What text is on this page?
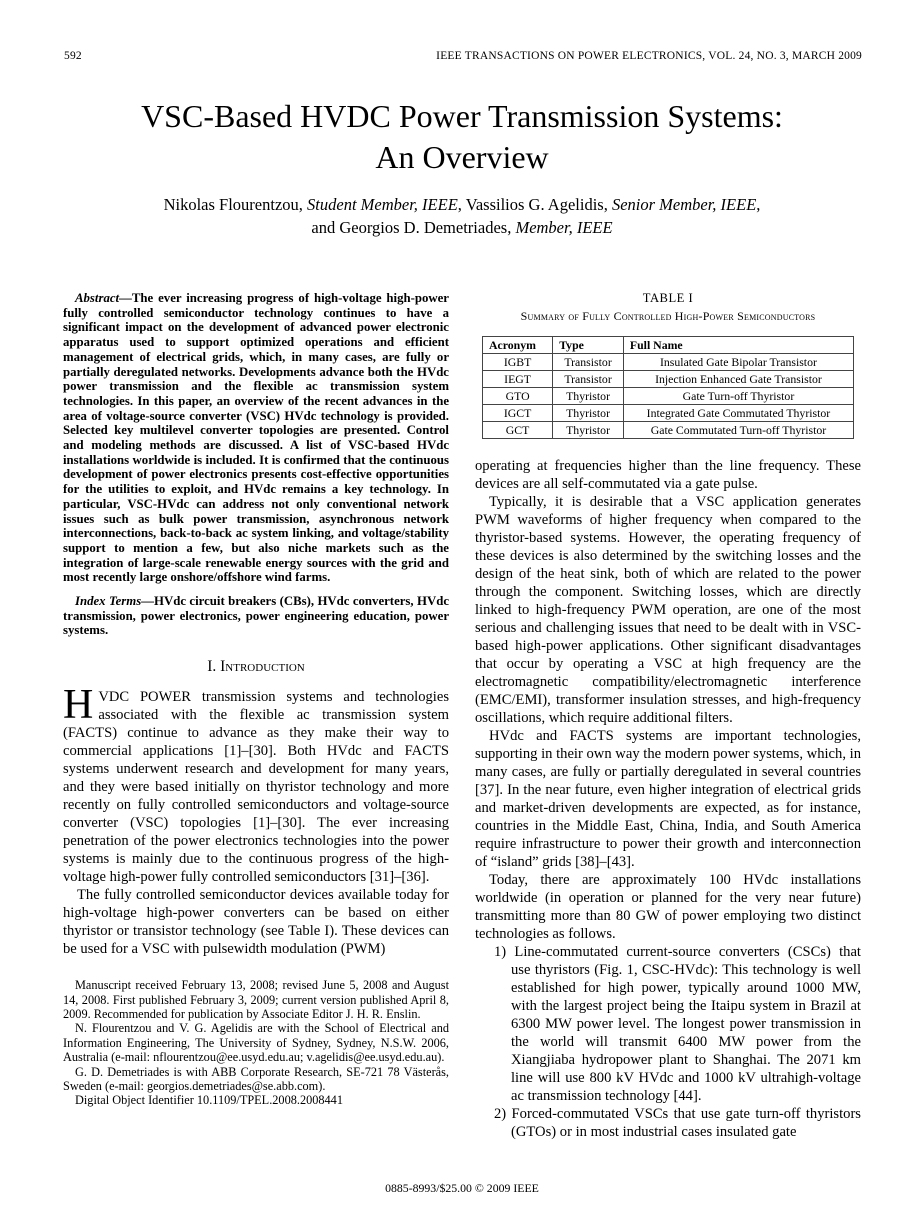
592	IEEE TRANSACTIONS ON POWER ELECTRONICS, VOL. 24, NO. 3, MARCH 2009
VSC-Based HVDC Power Transmission Systems:
An Overview
Nikolas Flourentzou, Student Member, IEEE, Vassilios G. Agelidis, Senior Member, IEEE,
and Georgios D. Demetriades, Member, IEEE

Abstract—The ever increasing progress of high-voltage high-power fully controlled semiconductor technology continues to have a significant impact on the development of advanced power electronic apparatus used to support optimized operations and efficient management of electrical grids, which, in many cases, are fully or partially deregulated networks. Developments advance both the HVdc power transmission and the flexible ac transmission system technologies. In this paper, an overview of the recent advances in the area of voltage-source converter (VSC) HVdc technology is provided. Selected key multilevel converter topologies are presented. Control and modeling methods are discussed. A list of VSC-based HVdc installations worldwide is included. It is confirmed that the continuous development of power electronics presents cost-effective opportunities for the utilities to exploit, and HVdc remains a key technology. In particular, VSC-HVdc can address not only conventional network issues such as bulk power transmission, asynchronous network interconnections, back-to-back ac system linking, and voltage/stability support to mention a few, but also niche markets such as the integration of large-scale renewable energy sources with the grid and most recently large onshore/offshore wind farms.

Index Terms—HVdc circuit breakers (CBs), HVdc converters, HVdc transmission, power electronics, power engineering education, power systems.

I. Introduction

HVDC POWER transmission systems and technologies associated with the flexible ac transmission system (FACTS) continue to advance as they make their way to commercial applications [1]–[30]. Both HVdc and FACTS systems underwent research and development for many years, and they were based initially on thyristor technology and more recently on fully controlled semiconductors and voltage-source converter (VSC) topologies [1]–[30]. The ever increasing penetration of the power electronics technologies into the power systems is mainly due to the continuous progress of the high-voltage high-power fully controlled semiconductors [31]–[36].

The fully controlled semiconductor devices available today for high-voltage high-power converters can be based on either thyristor or transistor technology (see Table I). These devices can be used for a VSC with pulsewidth modulation (PWM)

Manuscript received February 13, 2008; revised June 5, 2008 and August 14, 2008. First published February 3, 2009; current version published April 8, 2009. Recommended for publication by Associate Editor J. H. R. Enslin.

N. Flourentzou and V. G. Agelidis are with the School of Electrical and Information Engineering, The University of Sydney, Sydney, N.S.W. 2006, Australia (e-mail: nflourentzou@ee.usyd.edu.au; v.agelidis@ee.usyd.edu.au).

G. D. Demetriades is with ABB Corporate Research, SE-721 78 Västerås, Sweden (e-mail: georgios.demetriades@se.abb.com).

Digital Object Identifier 10.1109/TPEL.2008.2008441

TABLE I
Summary of Fully Controlled High-Power Semiconductors
Acronym	Type	Full Name
IGBT	Transistor	Insulated Gate Bipolar Transistor
IEGT	Transistor	Injection Enhanced Gate Transistor
GTO	Thyristor	Gate Turn-off Thyristor
IGCT	Thyristor	Integrated Gate Commutated Thyristor
GCT	Thyristor	Gate Commutated Turn-off Thyristor

operating at frequencies higher than the line frequency. These devices are all self-commutated via a gate pulse.

Typically, it is desirable that a VSC application generates PWM waveforms of higher frequency when compared to the thyristor-based systems. However, the operating frequency of these devices is also determined by the switching losses and the design of the heat sink, both of which are related to the power through the component. Switching losses, which are directly linked to high-frequency PWM operation, are one of the most serious and challenging issues that need to be dealt with in VSC-based high-power applications. Other significant disadvantages that occur by operating a VSC at high frequency are the electromagnetic compatibility/electromagnetic interference (EMC/EMI), transformer insulation stresses, and high-frequency oscillations, which require additional filters.

HVdc and FACTS systems are important technologies, supporting in their own way the modern power systems, which, in many cases, are fully or partially deregulated in several countries [37]. In the near future, even higher integration of electrical grids and market-driven developments are expected, as for instance, countries in the Middle East, China, India, and South America require infrastructure to power their growth and interconnection of “island” grids [38]–[43].

Today, there are approximately 100 HVdc installations worldwide (in operation or planned for the very near future) transmitting more than 80 GW of power employing two distinct technologies as follows.

1) Line-commutated current-source converters (CSCs) that use thyristors (Fig. 1, CSC-HVdc): This technology is well established for high power, typically around 1000 MW, with the largest project being the Itaipu system in Brazil at 6300 MW power level. The longest power transmission in the world will transmit 6400 MW power from the Xiangjiaba hydropower plant to Shanghai. The 2071 km line will use 800 kV HVdc and 1000 kV ultrahigh-voltage ac transmission technology [44].

2) Forced-commutated VSCs that use gate turn-off thyristors (GTOs) or in most industrial cases insulated gate

0885-8993/$25.00 © 2009 IEEE
